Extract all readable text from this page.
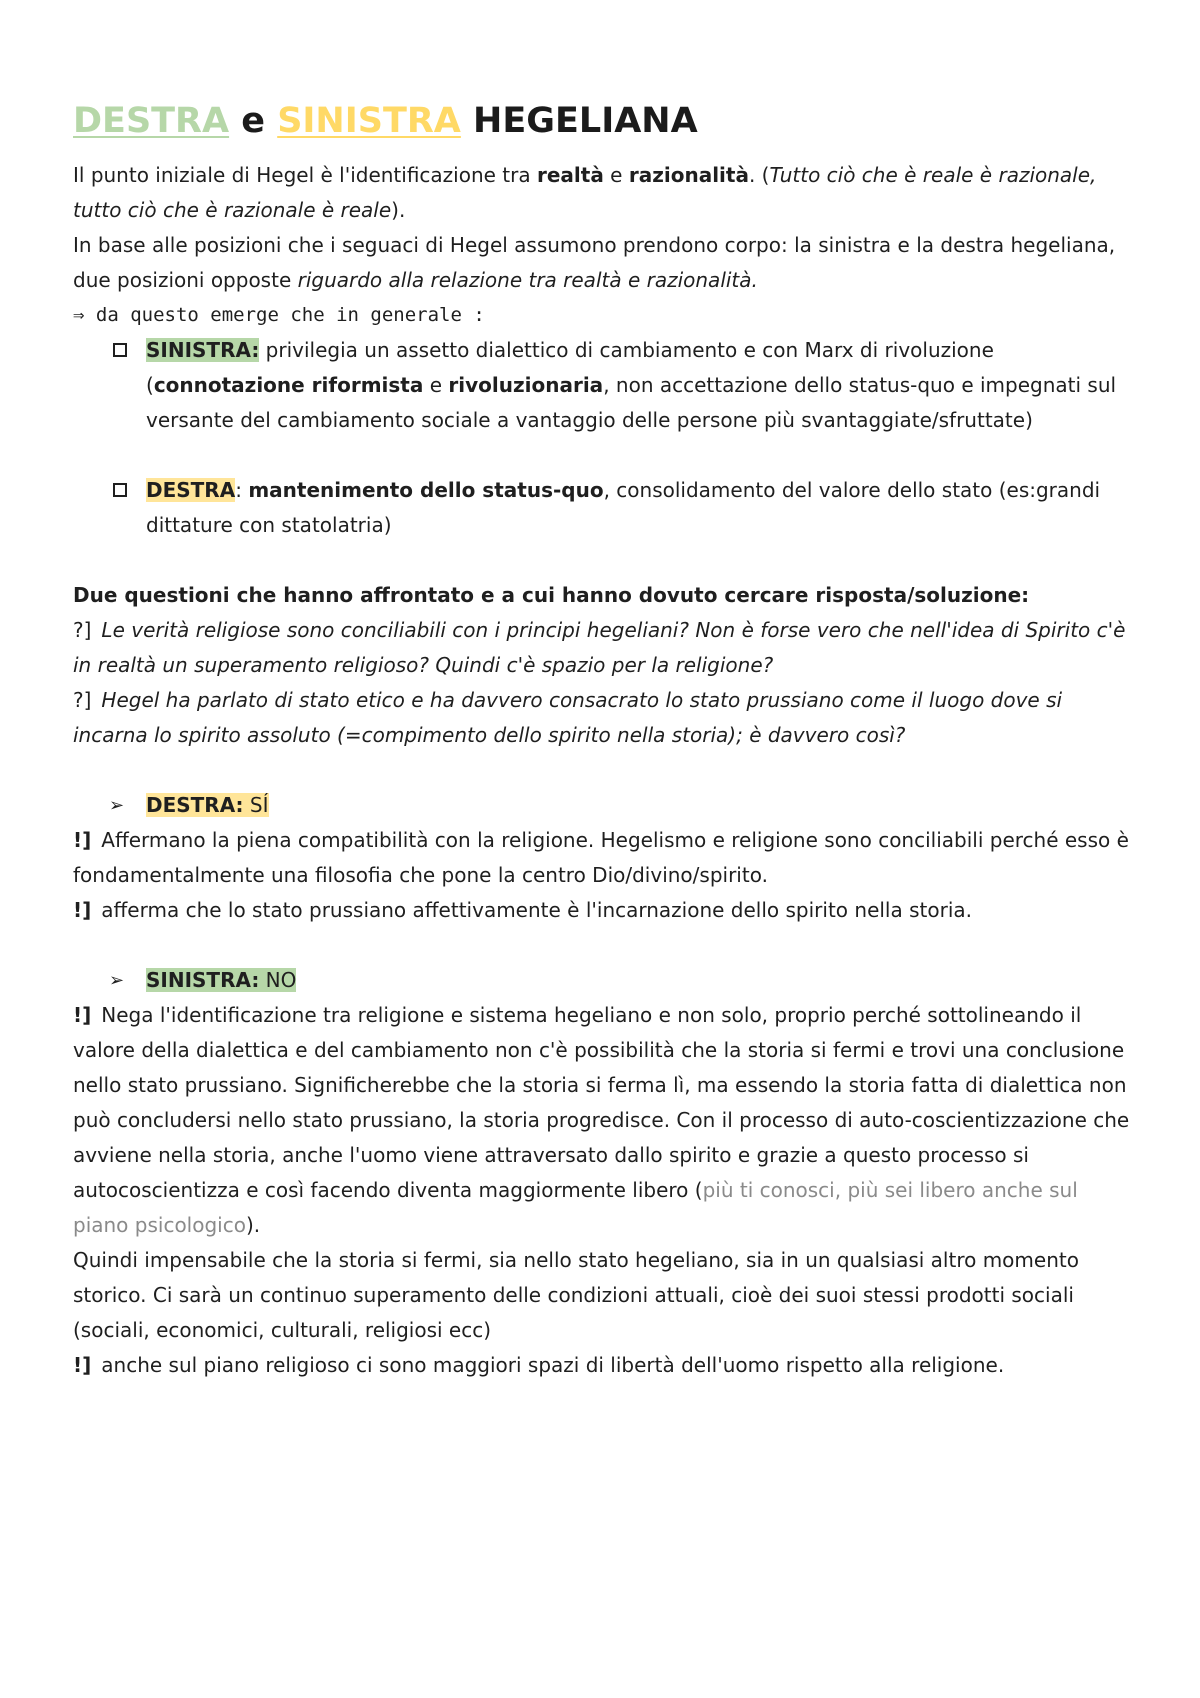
DESTRA e SINISTRA HEGELIANA

Il punto iniziale di Hegel è l'identificazione tra realtà e razionalità. (Tutto ciò che è reale è razionale, tutto ciò che è razionale è reale).

In base alle posizioni che i seguaci di Hegel assumono prendono corpo: la sinistra e la destra hegeliana, due posizioni opposte riguardo alla relazione tra realtà e razionalità.

⇒ da questo emerge che in generale :

SINISTRA: privilegia un assetto dialettico di cambiamento e con Marx di rivoluzione (connotazione riformista e rivoluzionaria, non accettazione dello status-quo e impegnati sul versante del cambiamento sociale a vantaggio delle persone più svantaggiate/sfruttate)
DESTRA: mantenimento dello status-quo, consolidamento del valore dello stato (es:grandi dittature con statolatria)

Due questioni che hanno affrontato e a cui hanno dovuto cercare risposta/soluzione:

?] Le verità religiose sono conciliabili con i principi hegeliani? Non è forse vero che nell'idea di Spirito c'è in realtà un superamento religioso? Quindi c'è spazio per la religione?

?] Hegel ha parlato di stato etico e ha davvero consacrato lo stato prussiano come il luogo dove si incarna lo spirito assoluto (=compimento dello spirito nella storia); è davvero così?

➢ DESTRA: SÍ

!] Affermano la piena compatibilità con la religione. Hegelismo e religione sono conciliabili perché esso è fondamentalmente una filosofia che pone la centro Dio/divino/spirito.

!] afferma che lo stato prussiano affettivamente è l'incarnazione dello spirito nella storia.

➢ SINISTRA: NO

!] Nega l'identificazione tra religione e sistema hegeliano e non solo, proprio perché sottolineando il valore della dialettica e del cambiamento non c'è possibilità che la storia si fermi e trovi una conclusione nello stato prussiano. Significherebbe che la storia si ferma lì, ma essendo la storia fatta di dialettica non può concludersi nello stato prussiano, la storia progredisce. Con il processo di auto-coscientizzazione che avviene nella storia, anche l'uomo viene attraversato dallo spirito e grazie a questo processo si autocoscientizza e così facendo diventa maggiormente libero (più ti conosci, più sei libero anche sul piano psicologico).

Quindi impensabile che la storia si fermi, sia nello stato hegeliano, sia in un qualsiasi altro momento storico. Ci sarà un continuo superamento delle condizioni attuali, cioè dei suoi stessi prodotti sociali (sociali, economici, culturali, religiosi ecc)

!] anche sul piano religioso ci sono maggiori spazi di libertà dell'uomo rispetto alla religione.
